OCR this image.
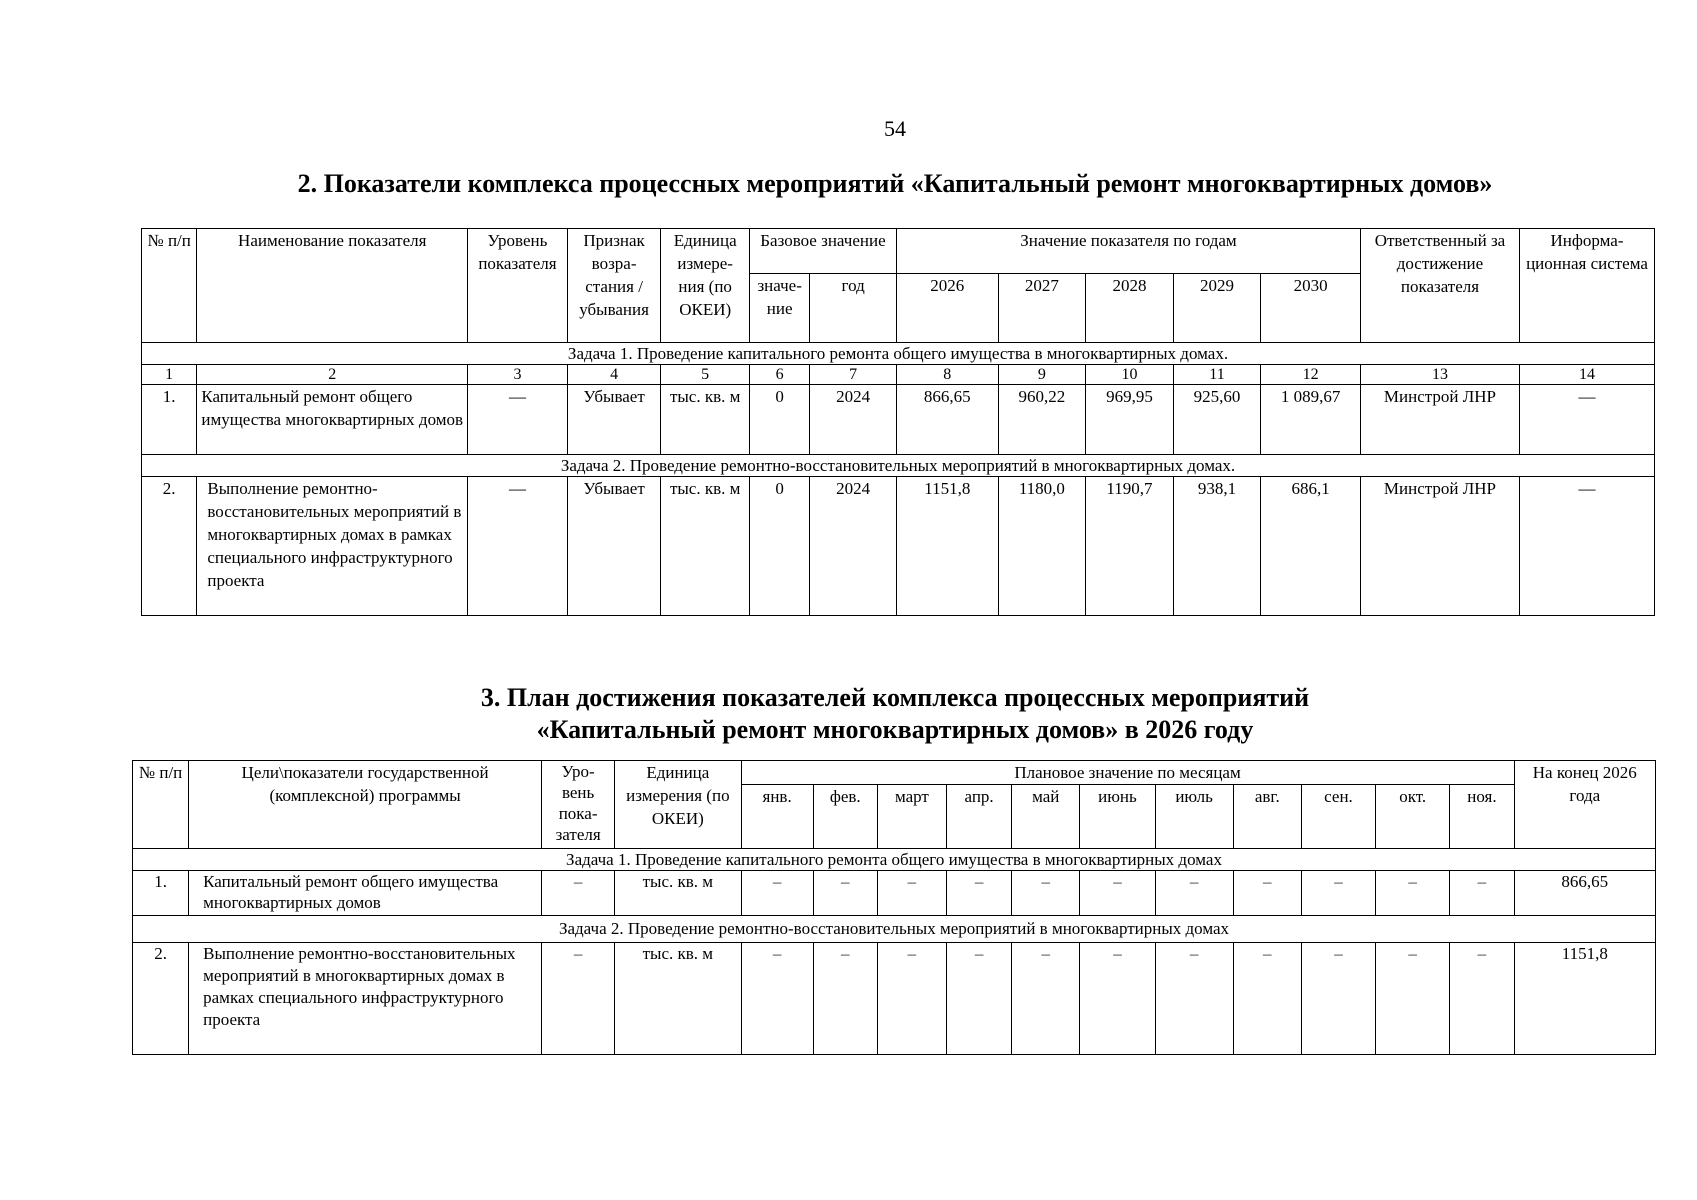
54
2. Показатели комплекса процессных мероприятий «Капитальный ремонт многоквартирных домов»
№ п/п	Наименование показателя	Уровень показателя	Признак возра-стания / убывания	Единица измере-ния (по ОКЕИ)	Базовое значение		Значение показателя по годам					Ответственный за достижение показателя	Информа-ционная система
					значе-ние	год	2026	2027	2028	2029	2030		
Задача 1. Проведение капитального ремонта общего имущества в многоквартирных домах.													
1	2	3	4	5	6	7	8	9	10	11	12	13	14
1.	Капитальный ремонт общего имущества многоквартирных домов	—	Убывает	тыс. кв. м	0	2024	866,65	960,22	969,95	925,60	1 089,67	Минстрой ЛНР	—
Задача 2. Проведение ремонтно-восстановительных мероприятий в многоквартирных домах.													
2.	Выполнение ремонтно-восстановительных мероприятий в многоквартирных домах в рамках специального инфраструктурного проекта	—	Убывает	тыс. кв. м	0	2024	1151,8	1180,0	1190,7	938,1	686,1	Минстрой ЛНР	—
3. План достижения показателей комплекса процессных мероприятий
«Капитальный ремонт многоквартирных домов» в 2026 году
№ п/п	Цели\показатели государственной (комплексной) программы	Уро-вень пока-зателя	Единица измерения (по ОКЕИ)	Плановое значение по месяцам											На конец 2026 года
				янв.	фев.	март	апр.	май	июнь	июль	авг.	сен.	окт.	ноя.	
Задача 1. Проведение капитального ремонта общего имущества в многоквартирных домах															
1.	Капитальный ремонт общего имущества многоквартирных домов	–	тыс. кв. м	–	–	–	–	–	–	–	–	–	–	–	866,65
Задача 2. Проведение ремонтно-восстановительных мероприятий в многоквартирных домах															
2.	Выполнение ремонтно-восстановительных мероприятий в многоквартирных домах в рамках специального инфраструктурного проекта	–	тыс. кв. м	–	–	–	–	–	–	–	–	–	–	–	1151,8
